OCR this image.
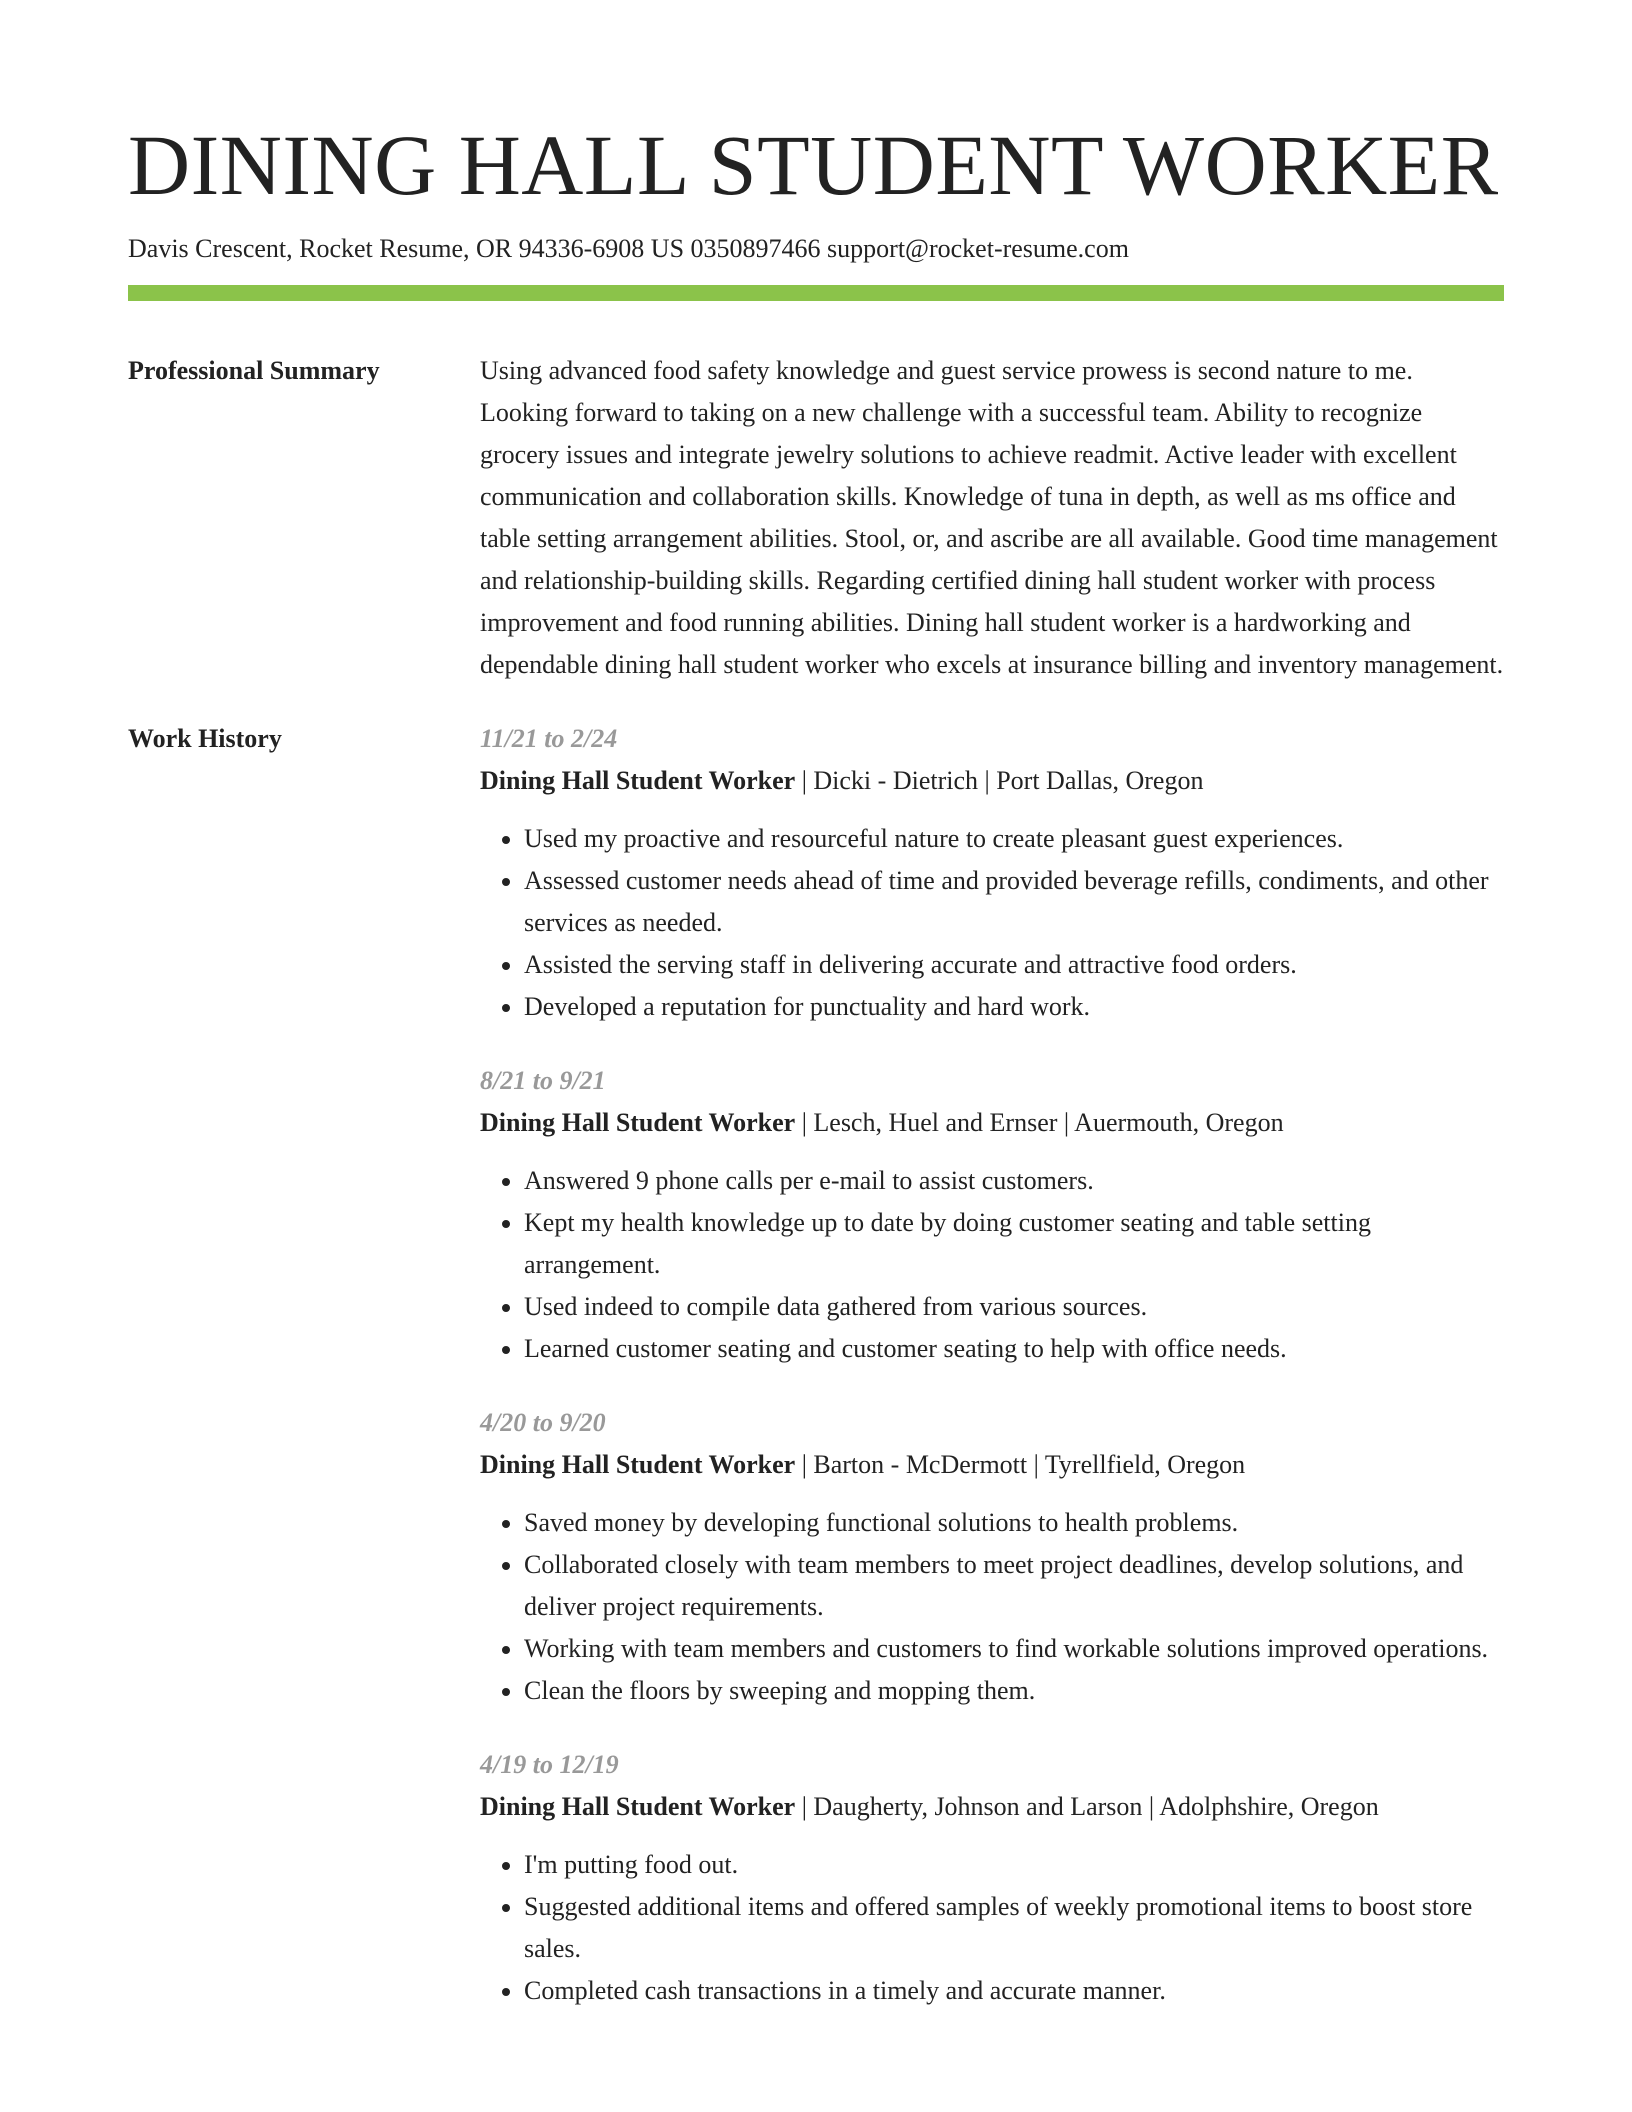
DINING HALL STUDENT WORKER
Davis Crescent, Rocket Resume, OR 94336-6908 US 0350897466 support@rocket-resume.com
Professional Summary	Using advanced food safety knowledge and guest service prowess is second nature to me. Looking forward to taking on a new challenge with a successful team. Ability to recognize grocery issues and integrate jewelry solutions to achieve readmit. Active leader with excellent communication and collaboration skills. Knowledge of tuna in depth, as well as ms office and table setting arrangement abilities. Stool, or, and ascribe are all available. Good time management and relationship-building skills. Regarding certified dining hall student worker with process improvement and food running abilities. Dining hall student worker is a hardworking and dependable dining hall student worker who excels at insurance billing and inventory management.

Work History	11/21 to 2/24
Dining Hall Student Worker | Dicki - Dietrich | Port Dallas, Oregon
• Used my proactive and resourceful nature to create pleasant guest experiences.
• Assessed customer needs ahead of time and provided beverage refills, condiments, and other services as needed.
• Assisted the serving staff in delivering accurate and attractive food orders.
• Developed a reputation for punctuality and hard work.
8/21 to 9/21
Dining Hall Student Worker | Lesch, Huel and Ernser | Auermouth, Oregon
• Answered 9 phone calls per e-mail to assist customers.
• Kept my health knowledge up to date by doing customer seating and table setting arrangement.
• Used indeed to compile data gathered from various sources.
• Learned customer seating and customer seating to help with office needs.
4/20 to 9/20
Dining Hall Student Worker | Barton - McDermott | Tyrellfield, Oregon
• Saved money by developing functional solutions to health problems.
• Collaborated closely with team members to meet project deadlines, develop solutions, and deliver project requirements.
• Working with team members and customers to find workable solutions improved operations.
• Clean the floors by sweeping and mopping them.
4/19 to 12/19
Dining Hall Student Worker | Daugherty, Johnson and Larson | Adolphshire, Oregon
• I'm putting food out.
• Suggested additional items and offered samples of weekly promotional items to boost store sales.
• Completed cash transactions in a timely and accurate manner.
